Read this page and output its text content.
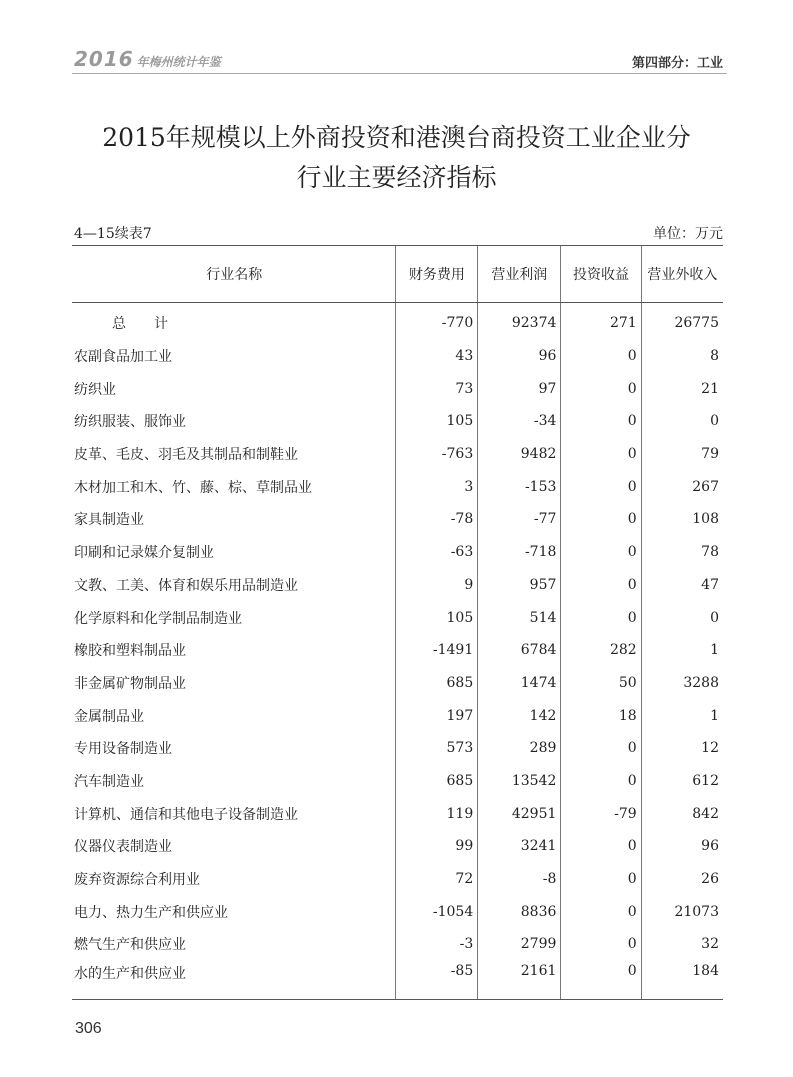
2016 年梅州统计年鉴	第四部分：工业
2015年规模以上外商投资和港澳台商投资工业企业分
行业主要经济指标
4—15续表7	单位：万元
行业名称	财务费用	营业利润	投资收益	营业外收入
总　　计	-770	92374	271	26775
农副食品加工业	43	96	0	8
纺织业	73	97	0	21
纺织服装、服饰业	105	-34	0	0
皮革、毛皮、羽毛及其制品和制鞋业	-763	9482	0	79
木材加工和木、竹、藤、棕、草制品业	3	-153	0	267
家具制造业	-78	-77	0	108
印刷和记录媒介复制业	-63	-718	0	78
文教、工美、体育和娱乐用品制造业	9	957	0	47
化学原料和化学制品制造业	105	514	0	0
橡胶和塑料制品业	-1491	6784	282	1
非金属矿物制品业	685	1474	50	3288
金属制品业	197	142	18	1
专用设备制造业	573	289	0	12
汽车制造业	685	13542	0	612
计算机、通信和其他电子设备制造业	119	42951	-79	842
仪器仪表制造业	99	3241	0	96
废弃资源综合利用业	72	-8	0	26
电力、热力生产和供应业	-1054	8836	0	21073
燃气生产和供应业	-3	2799	0	32
水的生产和供应业	-85	2161	0	184
306
